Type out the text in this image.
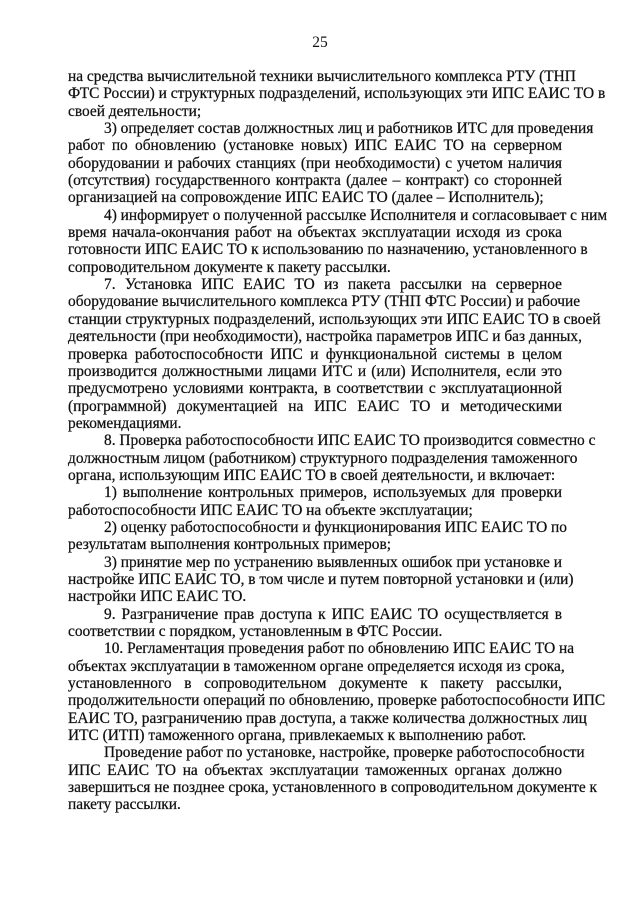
25
на средства вычислительной техники вычислительного комплекса РТУ (ТНП
ФТС России) и структурных подразделений, использующих эти ИПС ЕАИС ТО в
своей деятельности;
3) определяет состав должностных лиц и работников ИТС для проведения
работ по обновлению (установке новых) ИПС ЕАИС ТО на серверном
оборудовании и рабочих станциях (при необходимости) с учетом наличия
(отсутствия) государственного контракта (далее – контракт) со сторонней
организацией на сопровождение ИПС ЕАИС ТО (далее – Исполнитель);
4) информирует о полученной рассылке Исполнителя и согласовывает с ним
время начала-окончания работ на объектах эксплуатации исходя из срока
готовности ИПС ЕАИС ТО к использованию по назначению, установленного в
сопроводительном документе к пакету рассылки.
7. Установка ИПС ЕАИС ТО из пакета рассылки на серверное
оборудование вычислительного комплекса РТУ (ТНП ФТС России) и рабочие
станции структурных подразделений, использующих эти ИПС ЕАИС ТО в своей
деятельности (при необходимости), настройка параметров ИПС и баз данных,
проверка работоспособности ИПС и функциональной системы в целом
производится должностными лицами ИТС и (или) Исполнителя, если это
предусмотрено условиями контракта, в соответствии с эксплуатационной
(программной) документацией на ИПС ЕАИС ТО и методическими
рекомендациями.
8. Проверка работоспособности ИПС ЕАИС ТО производится совместно с
должностным лицом (работником) структурного подразделения таможенного
органа, использующим ИПС ЕАИС ТО в своей деятельности, и включает:
1) выполнение контрольных примеров, используемых для проверки
работоспособности ИПС ЕАИС ТО на объекте эксплуатации;
2) оценку работоспособности и функционирования ИПС ЕАИС ТО по
результатам выполнения контрольных примеров;
3) принятие мер по устранению выявленных ошибок при установке и
настройке ИПС ЕАИС ТО, в том числе и путем повторной установки и (или)
настройки ИПС ЕАИС ТО.
9. Разграничение прав доступа к ИПС ЕАИС ТО осуществляется в
соответствии с порядком, установленным в ФТС России.
10. Регламентация проведения работ по обновлению ИПС ЕАИС ТО на
объектах эксплуатации в таможенном органе определяется исходя из срока,
установленного в сопроводительном документе к пакету рассылки,
продолжительности операций по обновлению, проверке работоспособности ИПС
ЕАИС ТО, разграничению прав доступа, а также количества должностных лиц
ИТС (ИТП) таможенного органа, привлекаемых к выполнению работ.
Проведение работ по установке, настройке, проверке работоспособности
ИПС ЕАИС ТО на объектах эксплуатации таможенных органах должно
завершиться не позднее срока, установленного в сопроводительном документе к
пакету рассылки.
